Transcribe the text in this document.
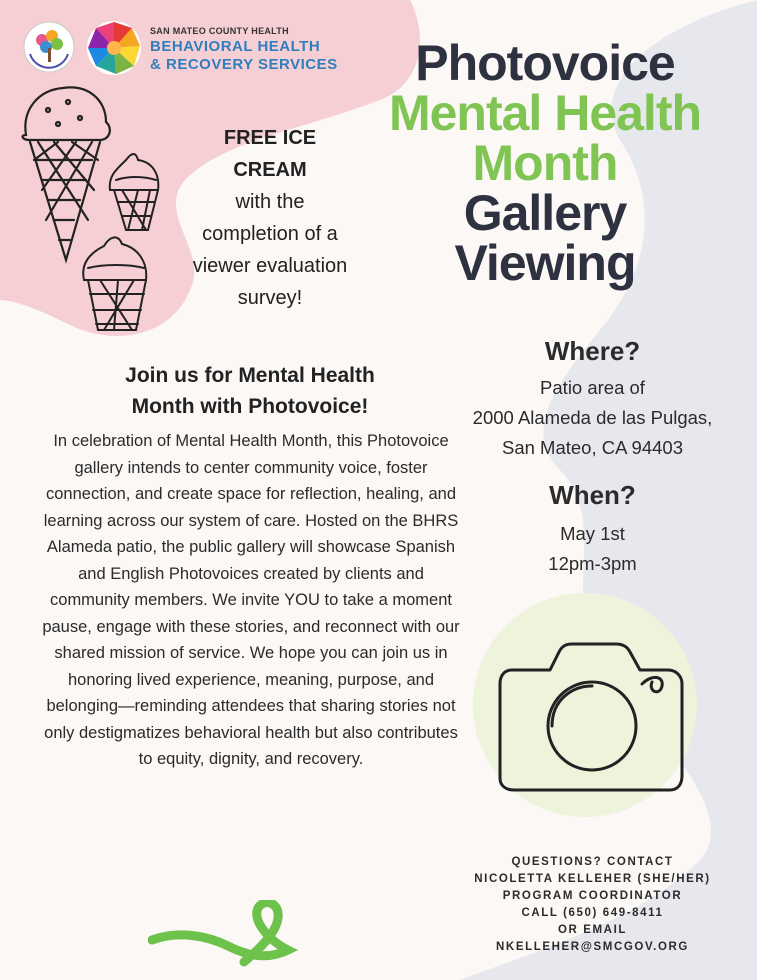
SAN MATEO COUNTY HEALTH
BEHAVIORAL HEALTH
& RECOVERY SERVICES	Photovoice
Mental Health
Month
Gallery
Viewing
FREE ICE
CREAM
with the
completion of a
viewer evaluation
survey!
Where?
Patio area of
2000 Alameda de las Pulgas,
San Mateo, CA 94403
When?
May 1st
12pm-3pm
Join us for Mental Health
Month with Photovoice!
In celebration of Mental Health Month, this Photovoice gallery intends to center community voice, foster connection, and create space for reflection, healing, and learning across our system of care. Hosted on the BHRS Alameda patio, the public gallery will showcase Spanish and English Photovoices created by clients and community members. We invite YOU to take a moment pause, engage with these stories, and reconnect with our shared mission of service. We hope you can join us in honoring lived experience, meaning, purpose, and belonging—reminding attendees that sharing stories not only destigmatizes behavioral health but also contributes to equity, dignity, and recovery.
QUESTIONS? CONTACT
NICOLETTA KELLEHER (SHE/HER)
PROGRAM COORDINATOR
CALL (650) 649-8411
OR EMAIL
NKELLEHER@SMCGOV.ORG
